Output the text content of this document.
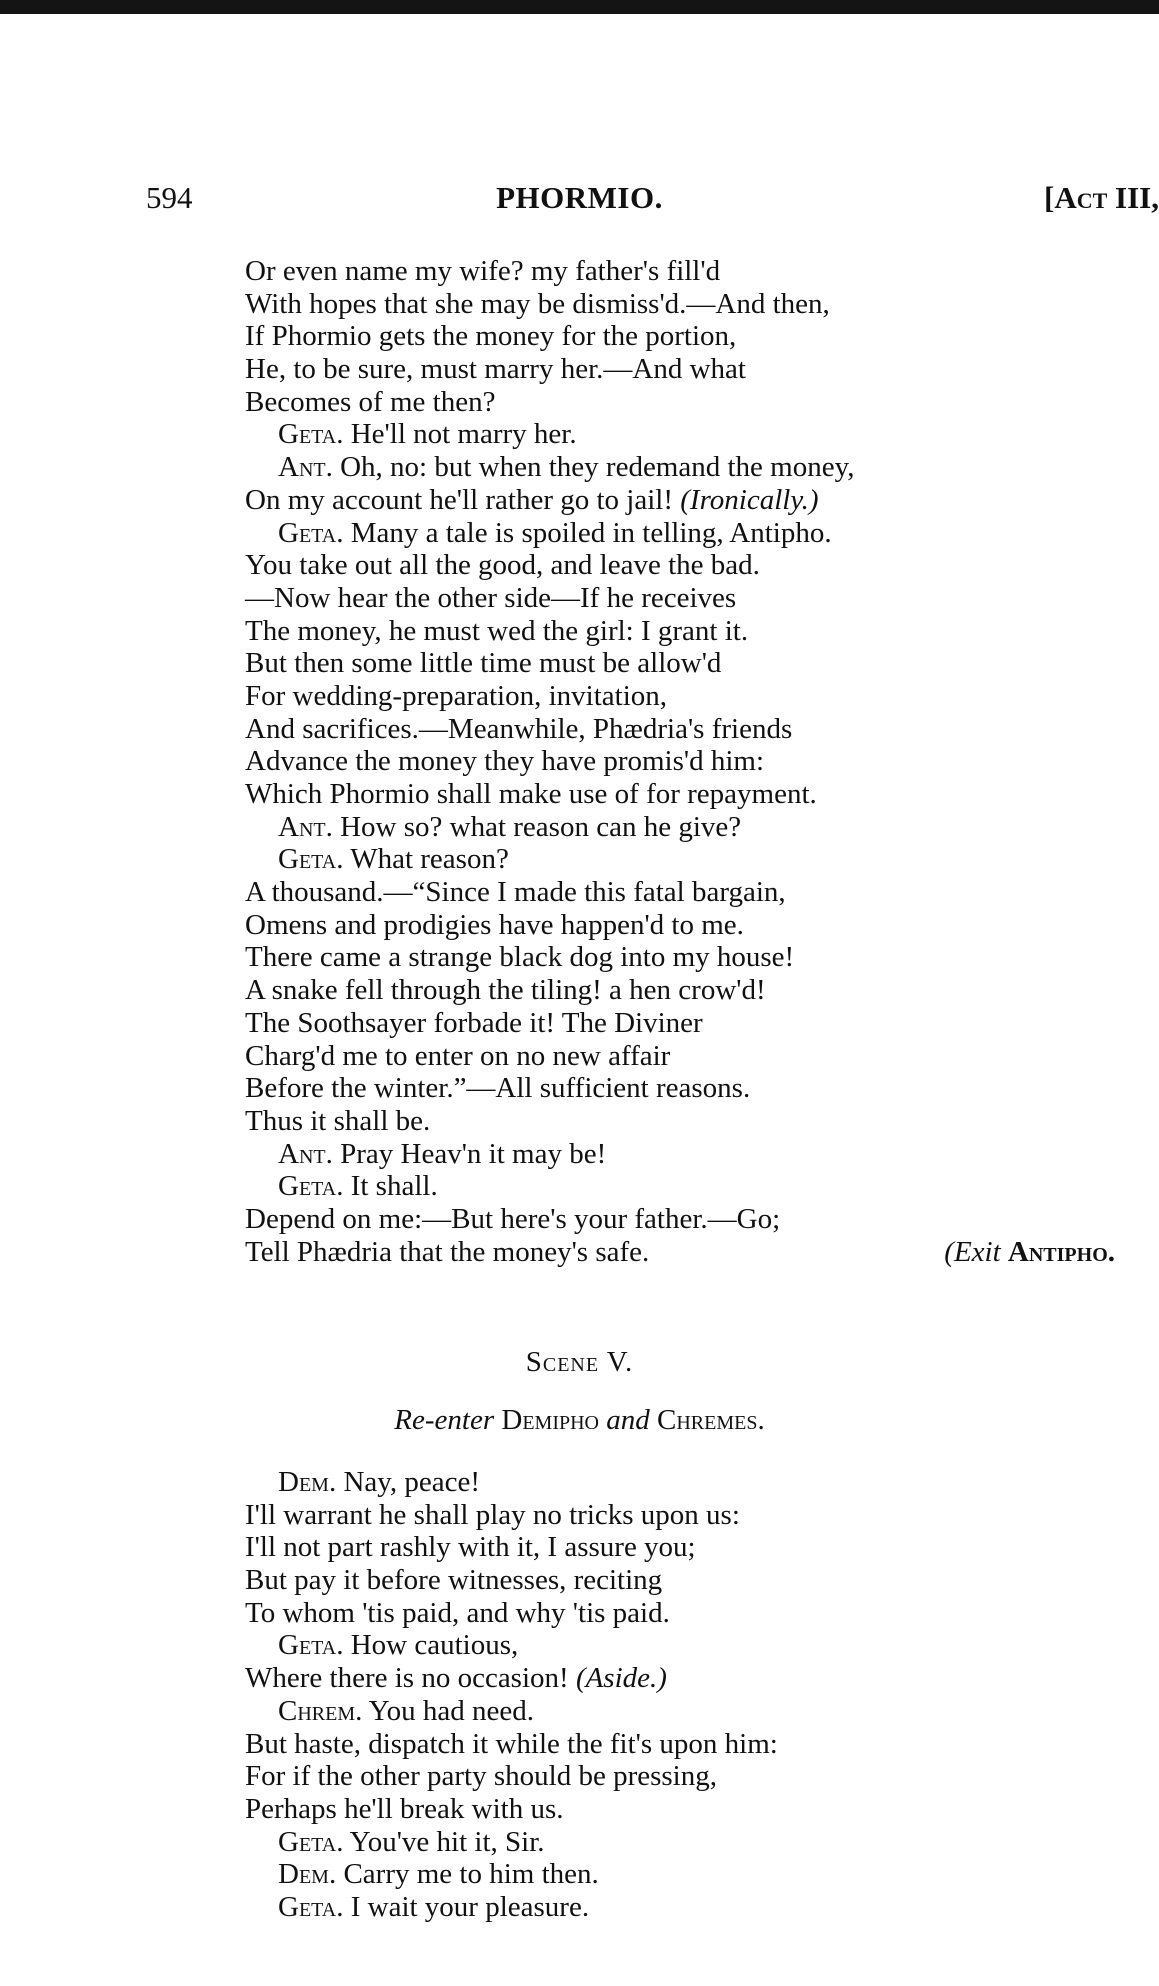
594	PHORMIO.	[Act III,
Or even name my wife? my father's fill'd
With hopes that she may be dismiss'd.—And then,
If Phormio gets the money for the portion,
He, to be sure, must marry her.—And what
Becomes of me then?
Geta. He'll not marry her.
Ant. Oh, no: but when they redemand the money,
On my account he'll rather go to jail! (Ironically.)
Geta. Many a tale is spoiled in telling, Antipho.
You take out all the good, and leave the bad.
—Now hear the other side—If he receives
The money, he must wed the girl: I grant it.
But then some little time must be allow'd
For wedding-preparation, invitation,
And sacrifices.—Meanwhile, Phædria's friends
Advance the money they have promis'd him:
Which Phormio shall make use of for repayment.
Ant. How so? what reason can he give?
Geta. What reason?
A thousand.—“Since I made this fatal bargain,
Omens and prodigies have happen'd to me.
There came a strange black dog into my house!
A snake fell through the tiling! a hen crow'd!
The Soothsayer forbade it! The Diviner
Charg'd me to enter on no new affair
Before the winter.”—All sufficient reasons.
Thus it shall be.
Ant. Pray Heav'n it may be!
Geta. It shall.
Depend on me:—But here's your father.—Go;
Tell Phædria that the money's safe.	(Exit Antipho.
Scene V.
Re-enter Demipho and Chremes.
Dem. Nay, peace!
I'll warrant he shall play no tricks upon us:
I'll not part rashly with it, I assure you;
But pay it before witnesses, reciting
To whom 'tis paid, and why 'tis paid.
Geta. How cautious,
Where there is no occasion! (Aside.)
Chrem. You had need.
But haste, dispatch it while the fit's upon him:
For if the other party should be pressing,
Perhaps he'll break with us.
Geta. You've hit it, Sir.
Dem. Carry me to him then.
Geta. I wait your pleasure.
